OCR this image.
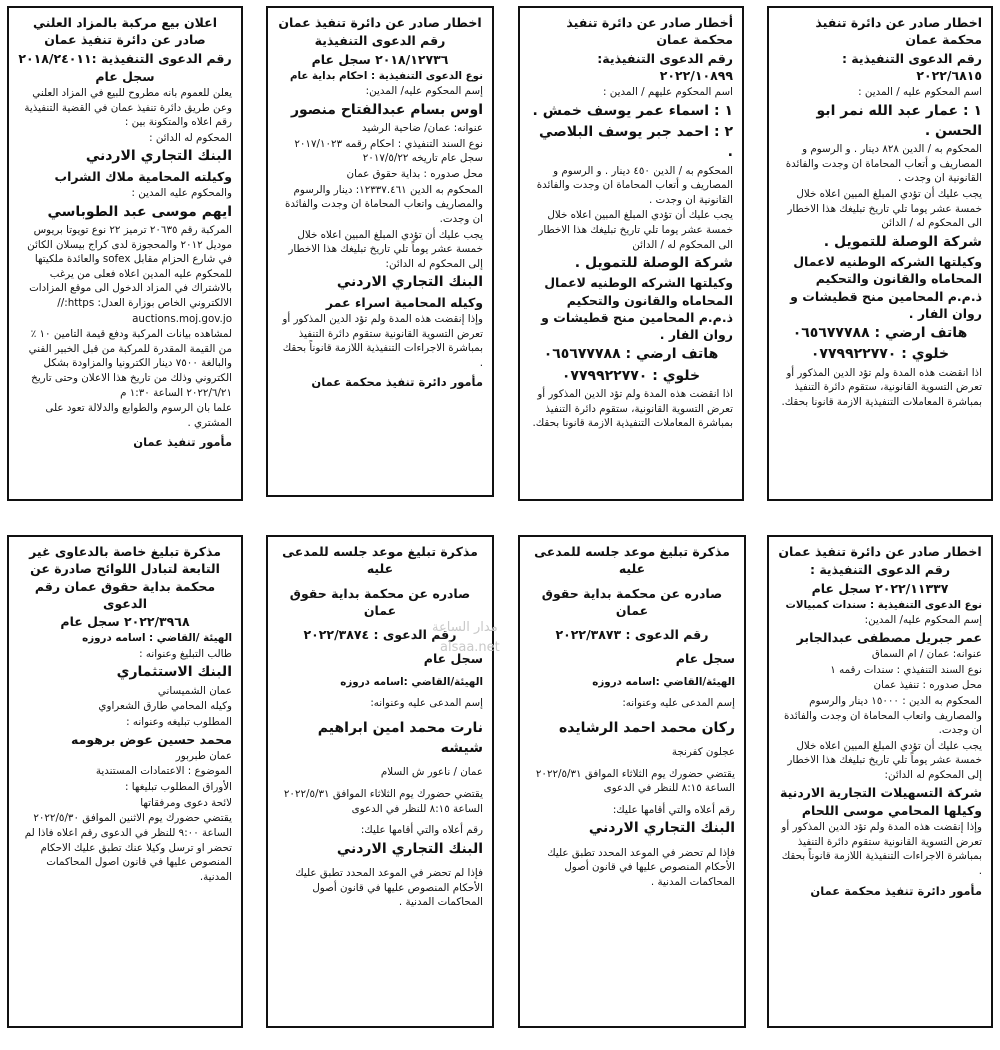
اخطار صادر عن دائرة تنفيذ محكمة عمان
رقم الدعوى التنفيذية : ٢٠٢٢/٦٨١٥
اسم المحكوم عليه / المدين :
١ : عمار عبد الله نمر ابو الحسن .
المحكوم به / الدين ٨٢٨ دينار . و الرسوم و المصاريف و أتعاب المحاماة ان وجدت والفائدة القانونية ان وجدت .
يجب عليك أن تؤدي المبلغ المبين اعلاه خلال خمسة عشر يوما تلي تاريخ تبليغك هذا الاخطار الى المحكوم له / الدائن
شركة الوصلة للتمويل .
وكيلتها الشركه الوطنيه لاعمال المحاماه والقانون والتحكيم ذ.م.م المحامين منح قطيشات و روان الفار .
هاتف ارضي : ٠٦٥٦٧٧٧٨٨
خلوي : ٠٧٧٩٩٢٢٧٧٠
اذا انقضت هذه المدة ولم تؤد الدين المذكور أو تعرض التسوية القانونية، ستقوم دائرة التنفيذ بمباشرة المعاملات التنفيذية الازمة قانونا بحقك.
أخطار صادر عن دائرة تنفيذ محكمة عمان
رقم الدعوى التنفيذية: ٢٠٢٢/١٠٨٩٩
اسم المحكوم عليهم / المدين :
١ : اسماء عمر يوسف خمش .
٢ : احمد جبر يوسف البلاصي .
المحكوم به / الدين ٤٥٠ دينار . و الرسوم و المصاريف و أتعاب المحاماة ان وجدت والفائدة القانونية ان وجدت .
يجب عليك أن تؤدي المبلغ المبين اعلاه خلال خمسة عشر يوما تلي تاريخ تبليغك هذا الاخطار الى المحكوم له / الدائن
شركة الوصلة للتمويل .
وكيلتها الشركه الوطنيه لاعمال المحاماه والقانون والتحكيم ذ.م.م المحامين منح قطيشات و روان الفار .
هاتف ارضي : ٠٦٥٦٧٧٧٨٨
خلوي : ٠٧٧٩٩٢٢٧٧٠
اذا انقضت هذه المدة ولم تؤد الدين المذكور أو تعرض التسوية القانونية، ستقوم دائرة التنفيذ بمباشرة المعاملات التنفيذية الازمة قانونا بحقك.
اخطار صادر عن دائرة تنفيذ عمان
رقم الدعوى التنفيذية
٢٠١٨/١٢٧٣٦ سجل عام
نوع الدعوى التنفيذية : احكام بداية عام
إسم المحكوم عليه/ المدين:
اوس بسام عبدالفتاح منصور
عنوانه: عمان/ ضاحية الرشيد
نوع السند التنفيذي : احكام رقمه ٢٠١٧/١٠٢٣ سجل عام تاريخه ٢٠١٧/٥/٢٢
محل صدوره : بداية حقوق عمان
المحكوم به الدين ١٢٣٣٧.٤٦١: دينار والرسوم والمصاريف واتعاب المحاماة ان وجدت والفائدة ان وجدت.
يجب عليك أن تؤدي المبلغ المبين اعلاه خلال خمسة عشر يوماً تلي تاريخ تبليغك هذا الاخطار إلى المحكوم له الدائن:
البنك التجاري الاردني
وكيله المحامية اسراء عمر
وإذا إنقضت هذه المدة ولم تؤد الدين المذكور أو تعرض التسوية القانونية ستقوم دائرة التنفيذ بمباشرة الاجراءات التنفيذية اللازمة قانوناً بحقك .
مأمور دائرة تنفيذ محكمة عمان
اعلان بيع مركبة بالمزاد العلني صادر عن دائرة تنفيذ عمان
رقم الدعوى التنفيذية :٢٠١٨/٢٤٠١١
سجل عام
يعلن للعموم بانه مطروح للبيع في المزاد العلني وعن طريق دائرة تنفيذ عمان في القضية التنفيذية رقم اعلاه والمتكونة بين :
المحكوم له الدائن :
البنك التجاري الاردني
وكيلته المحامية ملاك الشراب
والمحكوم عليه المدين :
ايهم موسى عبد الطوباسي
المركبة رقم ٢٠٦٣٥ ترميز ٢٢ نوع تويوتا بريوس موديل ٢٠١٢ والمحجوزة لدى كراج بيسلان الكائن في شارع الحزام مقابل sofex والعائدة ملكيتها للمحكوم عليه المدين اعلاه فعلى من يرغب بالاشتراك في المزاد الدخول الى موقع المزادات الالكتروني الخاص بوزارة العدل: https://
auctions.moj.gov.jo
لمشاهده بيانات المركبة ودفع قيمة التامين ١٠ ٪ من القيمة المقدرة للمركبة من قبل الخبير الفني والبالغة ٧٥٠٠ دينار الكترونيا والمزاودة بشكل الكتروني وذلك من تاريخ هذا الاعلان وحتى تاريخ ٢٠٢٢/٦/٢١ الساعة ١:٣٠ م
علما بان الرسوم والطوابع والدلالة تعود على المشتري .
مأمور تنفيذ عمان
اخطار صادر عن دائرة تنفيذ عمان
رقم الدعوى التنفيذية :
٢٠٢٢/١١٣٣٧ سجل عام
نوع الدعوى التنفيذية : سندات كمبيالات
إسم المحكوم عليه/ المدين:
عمر جبريل مصطفى عبدالجابر
عنوانه: عمان / ام السماق
نوع السند التنفيذي : سندات رقمه ١
محل صدوره : تنفيذ عمان
المحكوم به الدين : ١٥٠٠٠ دينار والرسوم والمصاريف واتعاب المحاماة ان وجدت والفائدة ان وجدت.
يجب عليك أن تؤدي المبلغ المبين اعلاه خلال خمسة عشر يوماً تلي تاريخ تبليغك هذا الاخطار إلى المحكوم له الدائن:
شركة التسهيلات التجارية الاردنية
وكيلها المحامي موسى اللحام
وإذا إنقضت هذه المدة ولم تؤد الدين المذكور أو تعرض التسوية القانونية ستقوم دائرة التنفيذ بمباشرة الاجراءات التنفيذية اللازمة قانوناً بحقك .
مأمور دائرة تنفيذ محكمة عمان
مذكرة تبليغ موعد جلسه للمدعى عليه
صادره عن محكمة بداية حقوق عمان
رقم الدعوى : ٢٠٢٢/٣٨٧٣
سجل عام
الهيئة/القاضي :اسامه دروزه
إسم المدعى عليه وعنوانه:
ركان محمد احمد الرشايده
عجلون كفرنجة
يقتضي حضورك يوم الثلاثاء الموافق ٢٠٢٢/٥/٣١ الساعة ٨:١٥ للنظر في الدعوى
رقم أعلاه والتي أقامها عليك:
البنك التجاري الاردني
فإذا لم تحضر في الموعد المحدد تطبق عليك الأحكام المنصوص عليها في قانون أصول المحاكمات المدنية .
مذكرة تبليغ موعد جلسه للمدعى عليه
صادره عن محكمة بداية حقوق عمان
رقم الدعوى : ٢٠٢٢/٣٨٧٤
سجل عام
الهيئة/القاضي :اسامه دروزه
إسم المدعى عليه وعنوانه:
نارت محمد امين ابراهيم شيشه
عمان / ناعور ش السلام
يقتضي حضورك يوم الثلاثاء الموافق ٢٠٢٢/٥/٣١ الساعة ٨:١٥ للنظر في الدعوى
رقم أعلاه والتي أقامها عليك:
البنك التجاري الاردني
فإذا لم تحضر في الموعد المحدد تطبق عليك الأحكام المنصوص عليها في قانون أصول المحاكمات المدنية .
مذكرة تبليغ خاصة بالدعاوى غير التابعة لتبادل اللوائح صادرة عن محكمة بداية حقوق عمان رقم الدعوى
٢٠٢٢/٣٩٦٨ سجل عام
الهيئة /القاضي : اسامه دروزه
طالب التبليغ وعنوانه :
البنك الاستثماري
عمان الشميساني
وكيله المحامي طارق الشعراوي
المطلوب تبليغه وعنوانه :
محمد حسين عوض برهومه
عمان طبربور
الموضوع : الاعتمادات المستندية
الأوراق المطلوب تبليغها :
لائحة دعوى ومرفقاتها
يقتضي حضورك يوم الاثنين الموافق ٢٠٢٢/٥/٣٠ الساعة ٩:٠٠ للنظر في الدعوى رقم اعلاه فاذا لم تحضر او ترسل وكيلا عنك تطبق عليك الاحكام المنصوص عليها في قانون اصول المحاكمات المدنية.
مدار الساعة
alsaa.net
